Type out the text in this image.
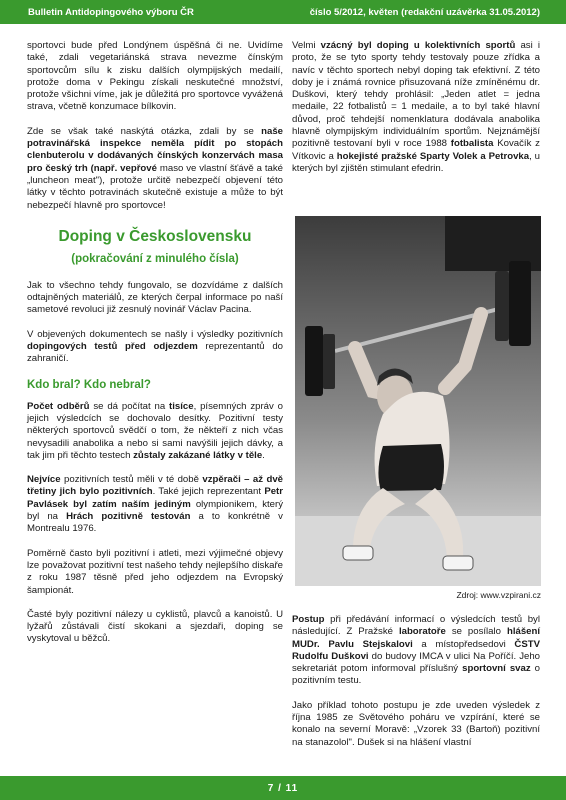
Bulletin Antidopingového výboru ČR	číslo 5/2012, květen (redakční uzávěrka 31.05.2012)

sportovci bude před Londýnem úspěšná či ne. Uvidíme také, zdali vegetariánská strava nevezme čínským sportovcům sílu k zisku dalších olympijských medailí, protože doma v Pekingu získali neskutečné množství, protože všichni víme, jak je důležitá pro sportovce vyvážená strava, včetně konzumace bílkovin.

Zde se však také naskýtá otázka, zdali by se naše potravinářská inspekce neměla pídit po stopách clenbuterolu v dodávaných čínských konzervách masa pro český trh (např. vepřové maso ve vlastní šťávě a také „luncheon meat"), protože určitě nebezpečí objevení této látky v těchto potravinách skutečně existuje a může to být nebezpečí hlavně pro sportovce!

Doping v Československu
(pokračování z minulého čísla)

Jak to všechno tehdy fungovalo, se dozvídáme z dalších odtajněných materiálů, ze kterých čerpal informace po naší sametové revoluci již zesnulý novinář Václav Pacina.

V objevených dokumentech se našly i výsledky pozitivních dopingových testů před odjezdem reprezentantů do zahraničí.

Kdo bral? Kdo nebral?

Počet odběrů se dá počítat na tisíce, písemných zpráv o jejich výsledcích se dochovalo desítky. Pozitivní testy některých sportovců svědčí o tom, že někteří z nich včas nevysadili anabolika a nebo si sami navýšili jejich dávky, a tak jim při těchto testech zůstaly zakázané látky v těle.

Nejvíce pozitivních testů měli v té době vzpěrači – až dvě třetiny jich bylo pozitivních. Také jejich reprezentant Petr Pavlásek byl zatím naším jediným olympionikem, který byl na Hrách pozitivně testován a to konkrétně v Montrealu 1976.

Poměrně často byli pozitivní i atleti, mezi výjimečné objevy lze považovat pozitivní test našeho tehdy nejlepšího diskaře z roku 1987 těsně před jeho odjezdem na Evropský šampionát.

Časté byly pozitivní nálezy u cyklistů, plavců a kanoistů. U lyžařů zůstávali čistí skokani a sjezdaři, doping se vyskytoval u běžců.

Velmi vzácný byl doping u kolektivních sportů asi i proto, že se tyto sporty tehdy testovaly pouze zřídka a navíc v těchto sportech nebyl doping tak efektivní. Z této doby je i známá rovnice přisuzovaná níže zmíněnému dr. Duškovi, který tehdy prohlásil: „Jeden atlet = jedna medaile, 22 fotbalistů = 1 medaile, a to byl také hlavní důvod, proč tehdejší nomenklatura dodávala anabolika hlavně olympijským individuálním sportům. Nejznámější pozitivně testovaní byli v roce 1988 fotbalista Kovačík z Vítkovic a hokejisté pražské Sparty Volek a Petrovka, u kterých byl zjištěn stimulant efedrin.

Zdroj: www.vzpirani.cz

Postup při předávání informací o výsledcích testů byl následující. Z Pražské laboratoře se posílalo hlášení MUDr. Pavlu Stejskalovi a místopředsedovi ČSTV Rudolfu Duškovi do budovy IMCA v ulici Na Poříčí. Jeho sekretariát potom informoval příslušný sportovní svaz o pozitivním testu.

Jako příklad tohoto postupu je zde uveden výsledek z října 1985 ze Světového poháru ve vzpírání, které se konalo na severní Moravě: „Vzorek 33 (Bartoň) pozitivní na stanazolol". Dušek si na hlášení vlastní

7 / 11
